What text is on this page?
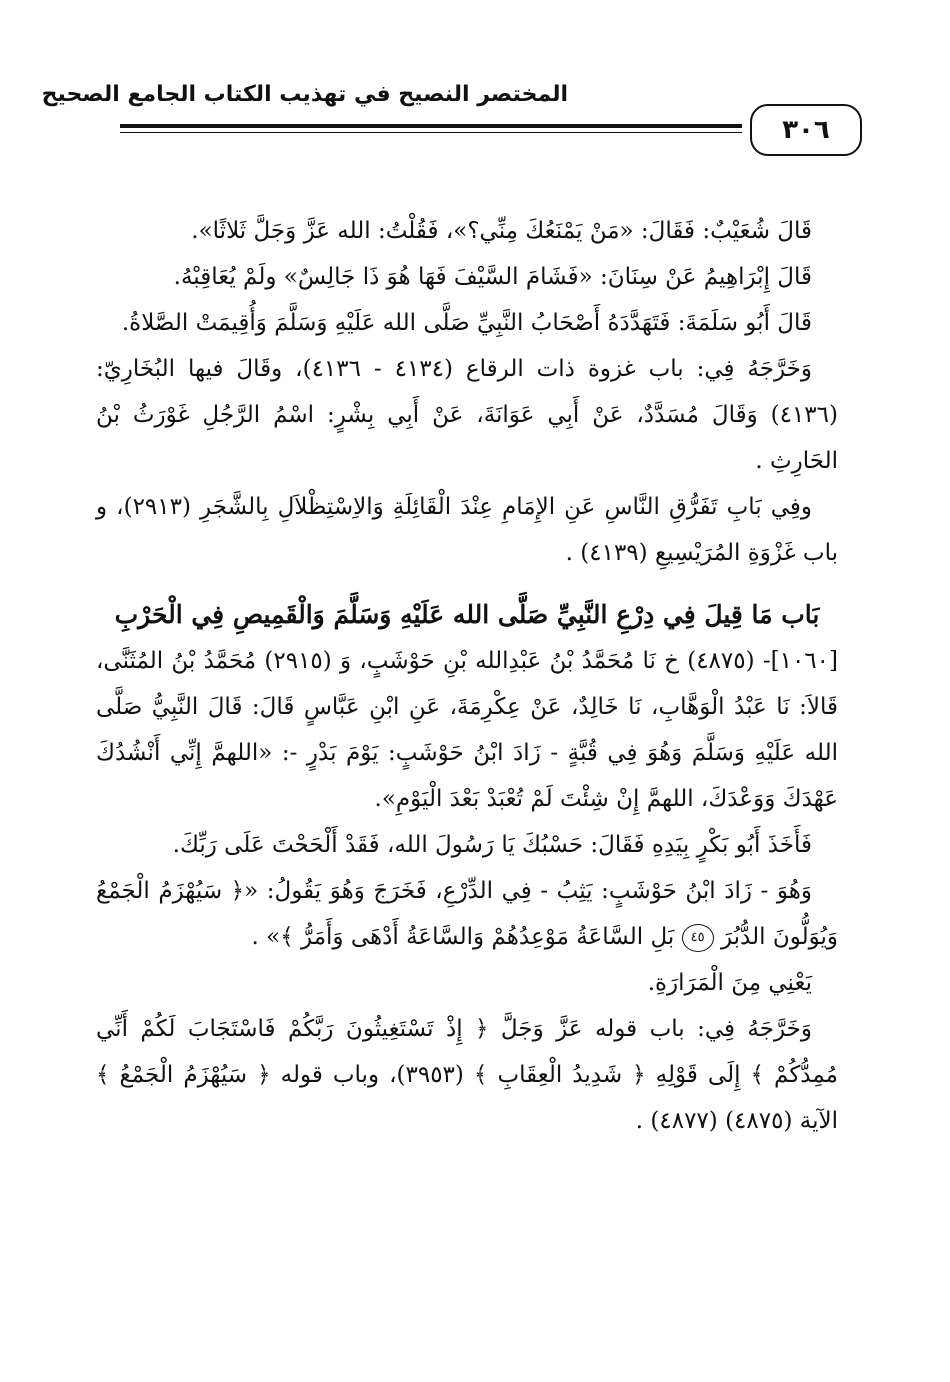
المختصر النصيح في تهذيب الكتاب الجامع الصحيح
٣٠٦

قَالَ شُعَيْبٌ: فَقَالَ: «مَنْ يَمْنَعُكَ مِنِّي؟»، فَقُلْتُ: الله عَزَّ وَجَلَّ ثَلاثًا».

قَالَ إِبْرَاهِيمُ عَنْ سِنَانَ: «فَشَامَ السَّيْفَ فَهَا هُوَ ذَا جَالِسٌ» ولَمْ يُعَاقِبْهُ.

قَالَ أَبُو سَلَمَةَ: فَتَهَدَّدَهُ أَصْحَابُ النَّبِيِّ صَلَّى الله عَلَيْهِ وَسَلَّمَ وَأُقِيمَتْ الصَّلاةُ.

وَخَرَّجَهُ فِي: باب غزوة ذات الرقاع (٤١٣٤ - ٤١٣٦)، وقَالَ فيها البُخَارِيّ: (٤١٣٦) وَقَالَ مُسَدَّدٌ، عَنْ أَبِي عَوَانَةَ، عَنْ أَبِي بِشْرٍ: اسْمُ الرَّجُلِ غَوْرَثُ بْنُ الحَارِثِ .

وفِي بَابِ تَفَرُّقِ النَّاسِ عَنِ الإِمَامِ عِنْدَ الْقَائِلَةِ وَالاِسْتِظْلاَلِ بِالشَّجَرِ (٢٩١٣)، و باب غَزْوَةِ المُرَيْسِيعِ (٤١٣٩) .

بَاب مَا قِيلَ فِي دِرْعِ النَّبِيِّ صَلَّى الله عَلَيْهِ وَسَلَّمَ وَالْقَمِيصِ فِي الْحَرْبِ

[١٠٦٠]- (٤٨٧٥) خ نَا مُحَمَّدُ بْنُ عَبْدِالله بْنِ حَوْشَبٍ، وَ (٢٩١٥) مُحَمَّدُ بْنُ المُثَنَّى، قَالاَ: نَا عَبْدُ الْوَهَّابِ، نَا خَالِدٌ، عَنْ عِكْرِمَةَ، عَنِ ابْنِ عَبَّاسٍ قَالَ: قَالَ النَّبِيُّ صَلَّى الله عَلَيْهِ وَسَلَّمَ وَهُوَ فِي قُبَّةٍ - زَادَ ابْنُ حَوْشَبٍ: يَوْمَ بَدْرٍ -: «اللهمَّ إِنِّي أَنْشُدُكَ عَهْدَكَ وَوَعْدَكَ، اللهمَّ إِنْ شِئْتَ لَمْ تُعْبَدْ بَعْدَ الْيَوْمِ».

فَأَخَذَ أَبُو بَكْرٍ بِيَدِهِ فَقَالَ: حَسْبُكَ يَا رَسُولَ الله، فَقَدْ أَلْحَحْتَ عَلَى رَبِّكَ.

وَهُوَ - زَادَ ابْنُ حَوْشَبٍ: يَثِبُ - فِي الدِّرْعِ، فَخَرَجَ وَهُوَ يَقُولُ: «﴿ سَيُهْزَمُ الْجَمْعُ وَيُوَلُّونَ الدُّبُرَ ٤٥ بَلِ السَّاعَةُ مَوْعِدُهُمْ وَالسَّاعَةُ أَدْهَى وَأَمَرُّ ﴾» .

يَعْنِي مِنَ الْمَرَارَةِ.

وَخَرَّجَهُ فِي: باب قوله عَزَّ وَجَلَّ ﴿ إِذْ تَسْتَغِيثُونَ رَبَّكُمْ فَاسْتَجَابَ لَكُمْ أَنِّي مُمِدُّكُمْ ﴾ إِلَى قَوْلِهِ ﴿ شَدِيدُ الْعِقَابِ ﴾ (٣٩٥٣)، وباب قوله ﴿ سَيُهْزَمُ الْجَمْعُ ﴾ الآية (٤٨٧٥) (٤٨٧٧) .
